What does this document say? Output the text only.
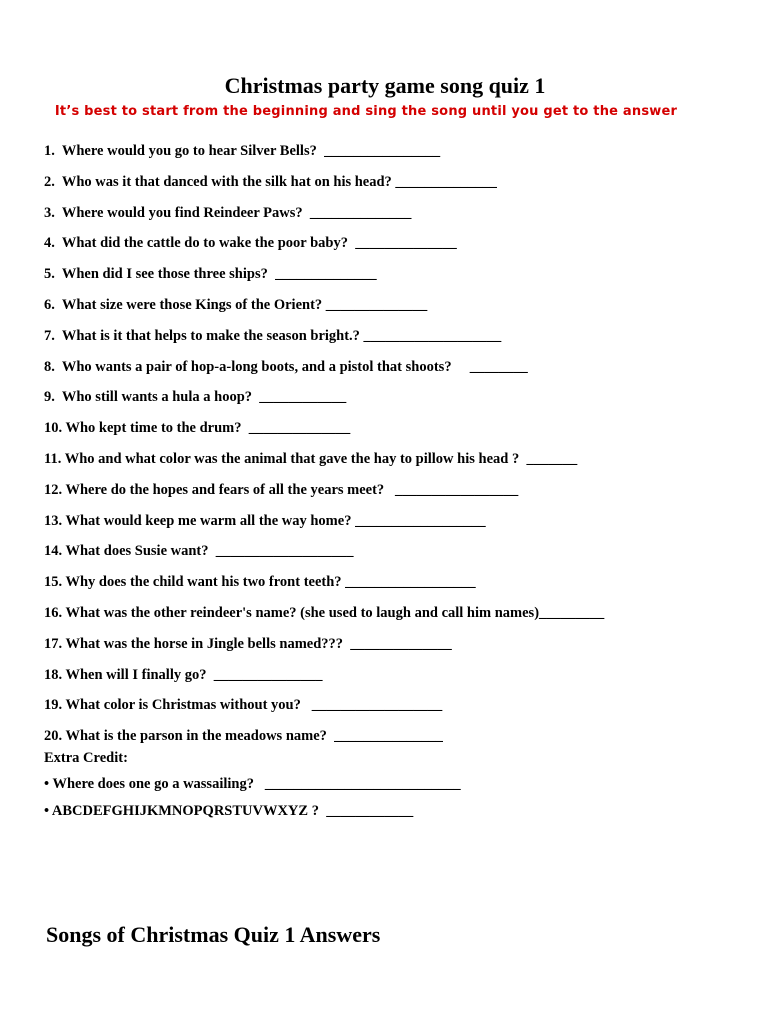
Christmas party game song quiz 1

It’s best to start from the beginning and sing the song until you get to the answer

1.  Where would you go to hear Silver Bells?  ________________
2.  Who was it that danced with the silk hat on his head? ______________
3.  Where would you find Reindeer Paws?  ______________
4.  What did the cattle do to wake the poor baby?  ______________
5.  When did I see those three ships?  ______________
6.  What size were those Kings of the Orient? ______________
7.  What is it that helps to make the season bright.? ___________________
8.  Who wants a pair of hop-a-long boots, and a pistol that shoots?     ________
9.  Who still wants a hula a hoop?  ____________
10. Who kept time to the drum?  ______________
11. Who and what color was the animal that gave the hay to pillow his head ?  _______
12. Where do the hopes and fears of all the years meet?   _________________
13. What would keep me warm all the way home? __________________
14. What does Susie want?  ___________________
15. Why does the child want his two front teeth? __________________
16. What was the other reindeer's name? (she used to laugh and call him names)_________
17. What was the horse in Jingle bells named???  ______________
18. When will I finally go?  _______________
19. What color is Christmas without you?   __________________
20. What is the parson in the meadows name?  _______________
Extra Credit:
• Where does one go a wassailing?   ___________________________
• ABCDEFGHIJKMNOPQRSTUVWXYZ ?  ____________
Songs of Christmas Quiz 1 Answers
